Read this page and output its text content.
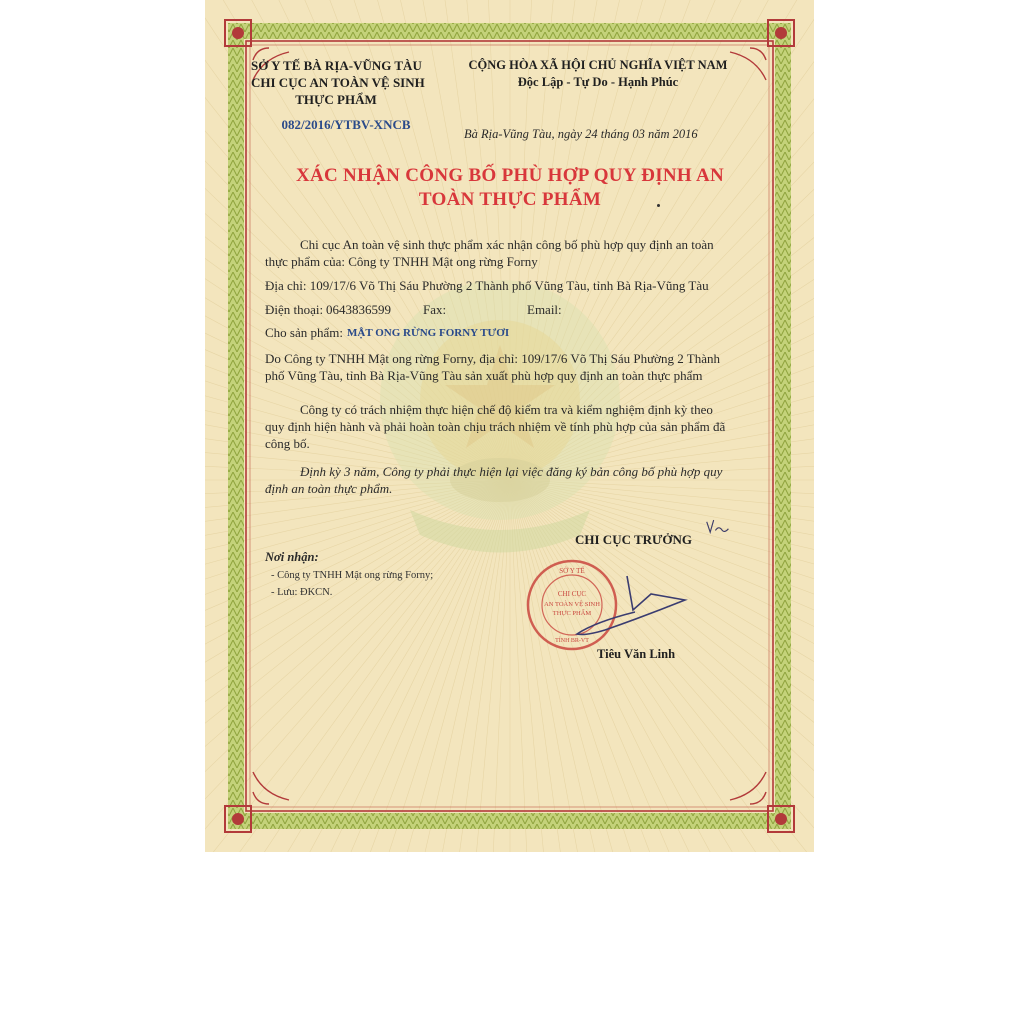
SỞ Y TẾ BÀ RỊA-VŨNG TÀU
CHI CỤC AN TOÀN VỆ SINH
THỰC PHẨM
082/2016/YTBV-XNCB
CỘNG HÒA XÃ HỘI CHỦ NGHĨA VIỆT NAM
Độc Lập - Tự Do - Hạnh Phúc
Bà Rịa-Vũng Tàu, ngày 24 tháng 03 năm 2016
XÁC NHẬN CÔNG BỐ PHÙ HỢP QUY ĐỊNH AN
TOÀN THỰC PHẨM
Chi cục An toàn vệ sinh thực phẩm xác nhận công bố phù hợp quy định an toàn
thực phẩm của: Công ty TNHH Mật ong rừng Forny
Địa chỉ: 109/17/6 Võ Thị Sáu Phường 2 Thành phố Vũng Tàu, tỉnh Bà Rịa-Vũng Tàu
Điện thoại: 0643836599 Fax:	Email:
Cho sản phẩm: MẬT ONG RỪNG FORNY TƯƠI
Do Công ty TNHH Mật ong rừng Forny, địa chỉ: 109/17/6 Võ Thị Sáu Phường 2 Thành
phố Vũng Tàu, tỉnh Bà Rịa-Vũng Tàu sản xuất phù hợp quy định an toàn thực phẩm
Công ty có trách nhiệm thực hiện chế độ kiểm tra và kiểm nghiệm định kỳ theo
quy định hiện hành và phải hoàn toàn chịu trách nhiệm về tính phù hợp của sản phẩm đã
công bố.
Định kỳ 3 năm, Công ty phải thực hiện lại việc đăng ký bản công bố phù hợp quy
định an toàn thực phẩm.
CHI CỤC TRƯỞNG
CHI CỤC
AN TOÀN VỆ SINH
THỰC PHẨM
SỞ Y TẾ
TỈNH BR-VT
Tiêu Văn Linh
Nơi nhận:
- Công ty TNHH Mật ong rừng Forny;
- Lưu: ĐKCN.
